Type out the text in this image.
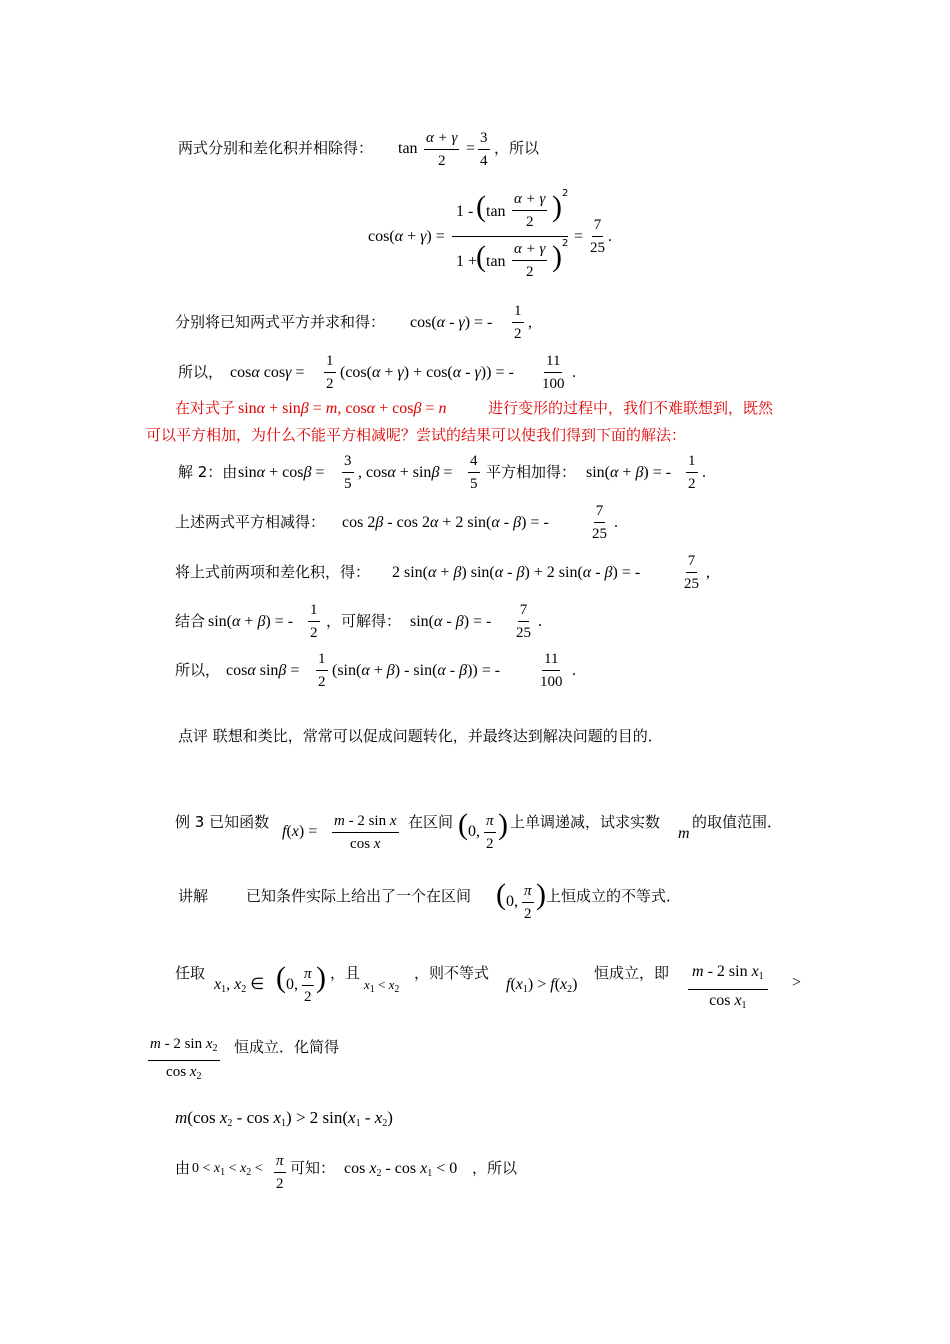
两式分别和差化积并相除得： tan
α + γ
2
=
3
4
，所以
cos(α + γ) =
1 - ( tan
α + γ
2 ) 2
1 +
( tan
α + γ
2 ) 2 =
7
25
.
分别将已知两式平方并求和得： cos(α - γ) = -
1
2
,
所以， cosα cosγ =
1
2
(cos(α + γ) + cos(α - γ)) = -
11
100
.
在对式子 sinα + sinβ = m, cosα + cosβ = n	进行变形的过程中，我们不难联想到，既然
可以平方相加，为什么不能平方相减呢？尝试的结果可以使我们得到下面的解法：
解 2：由 sinα + cosβ =
3
5
, cosα + sinβ =
4
5
平方相加得： sin(α + β) = -
1
2
.
上述两式平方相减得： cos 2β - cos 2α + 2 sin(α - β) = -
7
25
.
将上式前两项和差化积，得： 2 sin(α + β) sin(α - β) + 2 sin(α - β) = -
7
25
,
结合 sin(α + β) = -
1
2
，可解得： sin(α - β) = -
7
25
.
所以， cosα sinβ =
1
2
(sin(α + β) - sin(α - β)) = -
11
100
.
点评 联想和类比，常常可以促成问题转化，并最终达到解决问题的目的．
例 3 已知函数
f(x) =
m - 2 sin x
cos x
在区间 ( 0,
π
2
) 上单调递减，试求实数
m
的取值范围．
讲解	已知条件实际上给出了一个在区间 ( 0,
π
2
) 上恒成立的不等式．
任取
$x_1$, $x_2$ ∈ ( 0,
π
2
) ，且
$x_1 < x_2$
，则不等式
$f(x_1) > f(x_2)$
恒成立，即 m - 2 $\sin x_1$
$\cos x_1$
>
m - 2 $\sin x_2$
$\cos x_2$
恒成立．化简得
m(cos $x_2 - \cos x_1) > 2$ $\sin(x_1 - x_2)$
由 $0 < x_1 < x_2 < \pi$
2
可知： $\cos x_2 - \cos x_1 < 0$ ，所以
